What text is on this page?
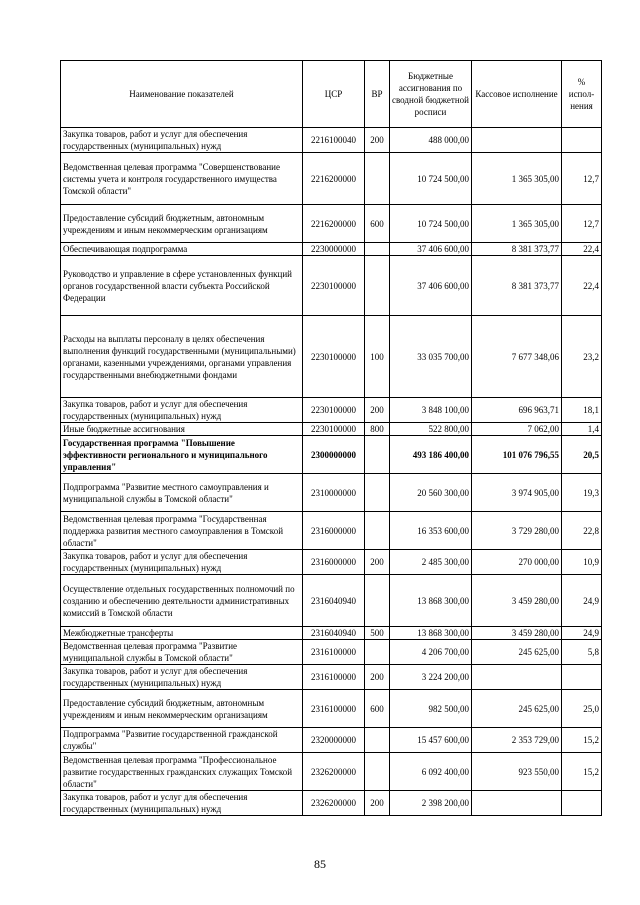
Наименование показателей	ЦСР	ВР	Бюджетные ассигнования по сводной бюджетной росписи	Кассовое исполнение	% испол- нения
Закупка товаров, работ и услуг для обеспечения государственных (муниципальных) нужд	2216100040	200	488 000,00		
Ведомственная целевая программа "Совершенствование системы учета и контроля государственного имущества Томской области"	2216200000		10 724 500,00	1 365 305,00	12,7
Предоставление субсидий бюджетным, автономным учреждениям и иным некоммерческим организациям	2216200000	600	10 724 500,00	1 365 305,00	12,7
Обеспечивающая подпрограмма	2230000000		37 406 600,00	8 381 373,77	22,4
Руководство и управление в сфере установленных функций органов государственной власти субъекта Российской Федерации	2230100000		37 406 600,00	8 381 373,77	22,4
Расходы на выплаты персоналу в целях обеспечения выполнения функций государственными (муниципальными) органами, казенными учреждениями, органами управления государственными внебюджетными фондами	2230100000	100	33 035 700,00	7 677 348,06	23,2
Закупка товаров, работ и услуг для обеспечения государственных (муниципальных) нужд	2230100000	200	3 848 100,00	696 963,71	18,1
Иные бюджетные ассигнования	2230100000	800	522 800,00	7 062,00	1,4
Государственная программа "Повышение эффективности регионального и муниципального управления"	2300000000		493 186 400,00	101 076 796,55	20,5
Подпрограмма "Развитие местного самоуправления и муниципальной службы в Томской области"	2310000000		20 560 300,00	3 974 905,00	19,3
Ведомственная целевая программа "Государственная поддержка развития местного самоуправления в Томской области"	2316000000		16 353 600,00	3 729 280,00	22,8
Закупка товаров, работ и услуг для обеспечения государственных (муниципальных) нужд	2316000000	200	2 485 300,00	270 000,00	10,9
Осуществление отдельных государственных полномочий по созданию и обеспечению деятельности административных комиссий в Томской области	2316040940		13 868 300,00	3 459 280,00	24,9
Межбюджетные трансферты	2316040940	500	13 868 300,00	3 459 280,00	24,9
Ведомственная целевая программа "Развитие муниципальной службы в Томской области"	2316100000		4 206 700,00	245 625,00	5,8
Закупка товаров, работ и услуг для обеспечения государственных (муниципальных) нужд	2316100000	200	3 224 200,00		
Предоставление субсидий бюджетным, автономным учреждениям и иным некоммерческим организациям	2316100000	600	982 500,00	245 625,00	25,0
Подпрограмма "Развитие государственной гражданской службы"	2320000000		15 457 600,00	2 353 729,00	15,2
Ведомственная целевая программа "Профессиональное развитие государственных гражданских служащих Томской области"	2326200000		6 092 400,00	923 550,00	15,2
Закупка товаров, работ и услуг для обеспечения государственных (муниципальных) нужд	2326200000	200	2 398 200,00		
85
